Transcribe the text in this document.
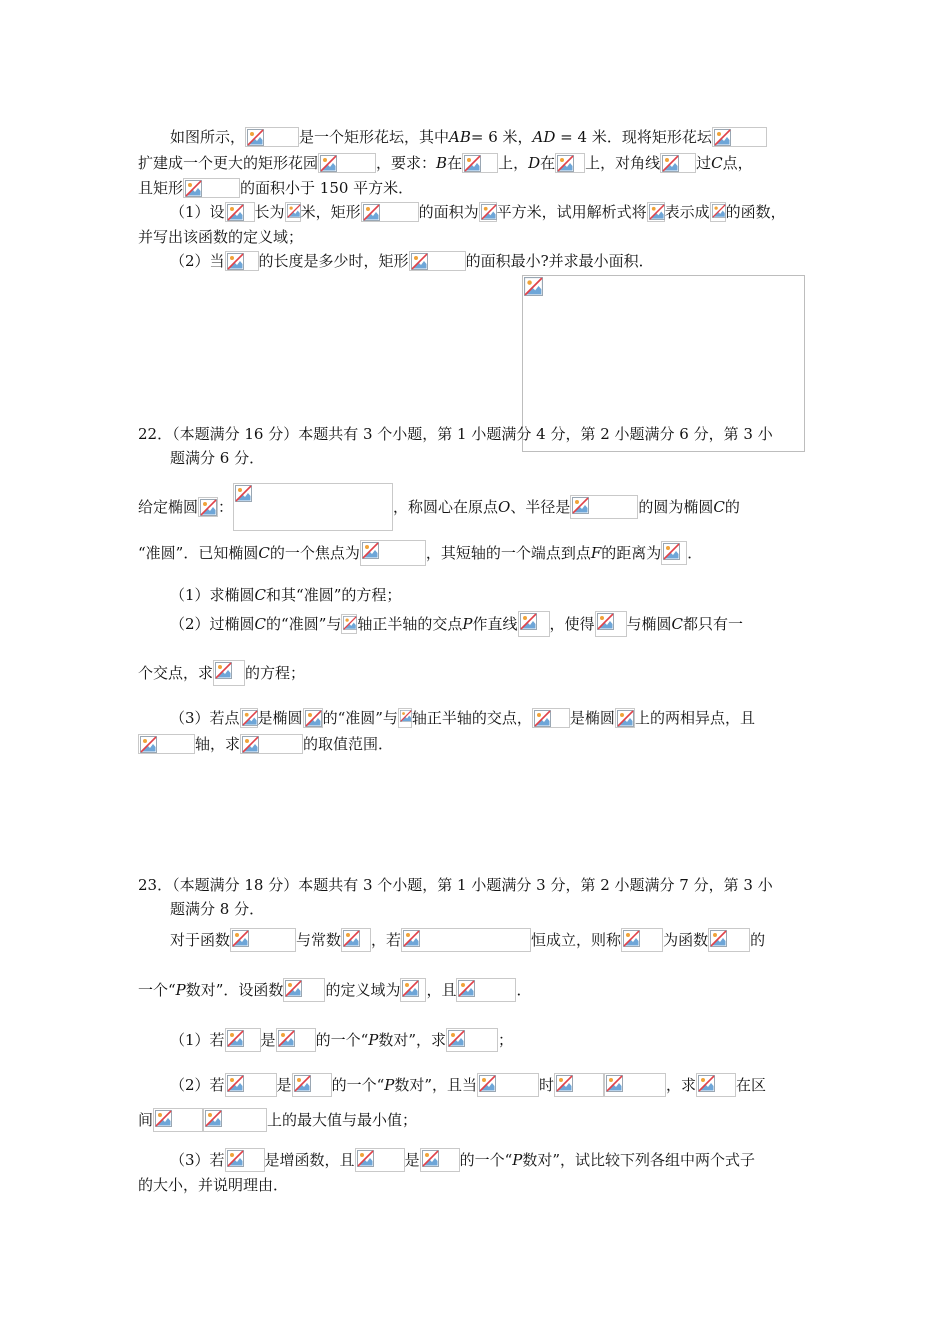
如图所示，	是一个矩形花坛，其中AB= 6 米，AD = 4 米．现将矩形花坛
扩建成一个更大的矩形花园	，要求：B在 上，D在 上，对角线 过C点，
且矩形	的面积小于 150 平方米．
（1）设 长为 米，矩形	的面积为 平方米，试用解析式将 表示成 的函数，
并写出该函数的定义域；
（2）当 的长度是多少时，矩形	的面积最小?并求最小面积．
22．（本题满分 16 分）本题共有 3 个小题，第 1 小题满分 4 分，第 2 小题满分 6 分，第 3 小
题满分 6 分．
给定椭圆 ：	，称圆心在原点O、半径是	的圆为椭圆C的
“准圆”．已知椭圆C的一个焦点为	，其短轴的一个端点到点F的距离为 ．
（1）求椭圆C和其“准圆”的方程；
（2）过椭圆C的“准圆”与 轴正半轴的交点P作直线 ，使得 与椭圆C都只有一
个交点，求 的方程；
（3）若点 是椭圆 的“准圆”与 轴正半轴的交点，	是椭圆 上的两相异点，且
轴，求	的取值范围．
23．（本题满分 18 分）本题共有 3 个小题，第 1 小题满分 3 分，第 2 小题满分 7 分，第 3 小
题满分 8 分．
对于函数	与常数 ，若	恒成立，则称	为函数	的
一个“P数对”．设函数	的定义域为 ，且	．
（1）若 是	的一个“P数对”，求	；
（2）若	是	的一个“P数对”，且当	时	，求	在区
间	上的最大值与最小值；
（3）若	是增函数，且	是	的一个“P数对”，试比较下列各组中两个式子
的大小，并说明理由．
